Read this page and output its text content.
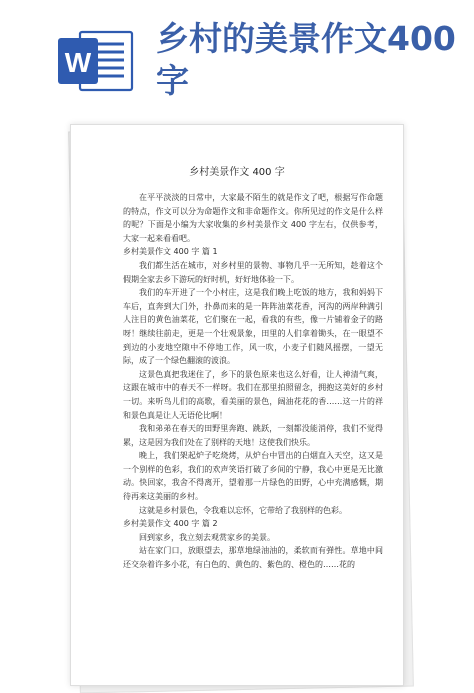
W
乡村的美景作文400字
乡村美景作文 400 字

在平平淡淡的日常中，大家最不陌生的就是作文了吧，根据写作命题的特点，作文可以分为命题作文和非命题作文。你所见过的作文是什么样的呢？下面是小编为大家收集的乡村美景作文 400 字左右，仅供参考，大家一起来看看吧。

乡村美景作文 400 字 篇 1

我们都生活在城市，对乡村里的景物、事物几乎一无所知，趁着这个假期全家去乡下游玩的好时机，好好地体验一下。

我们的车开进了一个小村庄，这是我们晚上吃饭的地方，我和妈妈下车后，直奔到大门外，扑鼻而来的是一阵阵油菜花香，河沟的两岸种满引人注目的黄色油菜花，它们聚在一起，看我的有些，像一片铺着金子的路呀！继续往前走，更是一个壮观景象，田里的人们拿着锄头，在一眼望不到边的小麦地空隙中不停地工作，风一吹，小麦子们随风摇摆，一望无际，成了一个绿色翻滚的波浪。

这景色真把我迷住了，乡下的景色原来也这么好看，让人神清气爽，这跟在城市中的春天不一样呀。我们在那里拍照留念，拥抱这美好的乡村一切。来听鸟儿们的高歌，看美丽的景色，阔油花花的香……这一片的祥和景色真是让人无语伦比啊！

我和弟弟在春天的田野里奔跑、跳跃，一刻都没能消停，我们不觉得累，这是因为我们处在了别样的天地！这使我们快乐。

晚上，我们架起炉子吃烧烤，从炉台中冒出的白烟直入天空，这又是一个别样的色彩，我们的欢声笑语打破了乡间的宁静，我心中更是无比激动。快回家，我舍不得离开，望着那一片绿色的田野，心中充满感慨，期待再来这美丽的乡村。

这就是乡村景色，令我难以忘怀，它带给了我别样的色彩。

乡村美景作文 400 字 篇 2

回到家乡，我立刻去观赏家乡的美景。

站在家门口，放眼望去，那草地绿油油的，柔软而有弹性。草地中间还交杂着许多小花，有白色的、黄色的、紫色的、橙色的……花的
